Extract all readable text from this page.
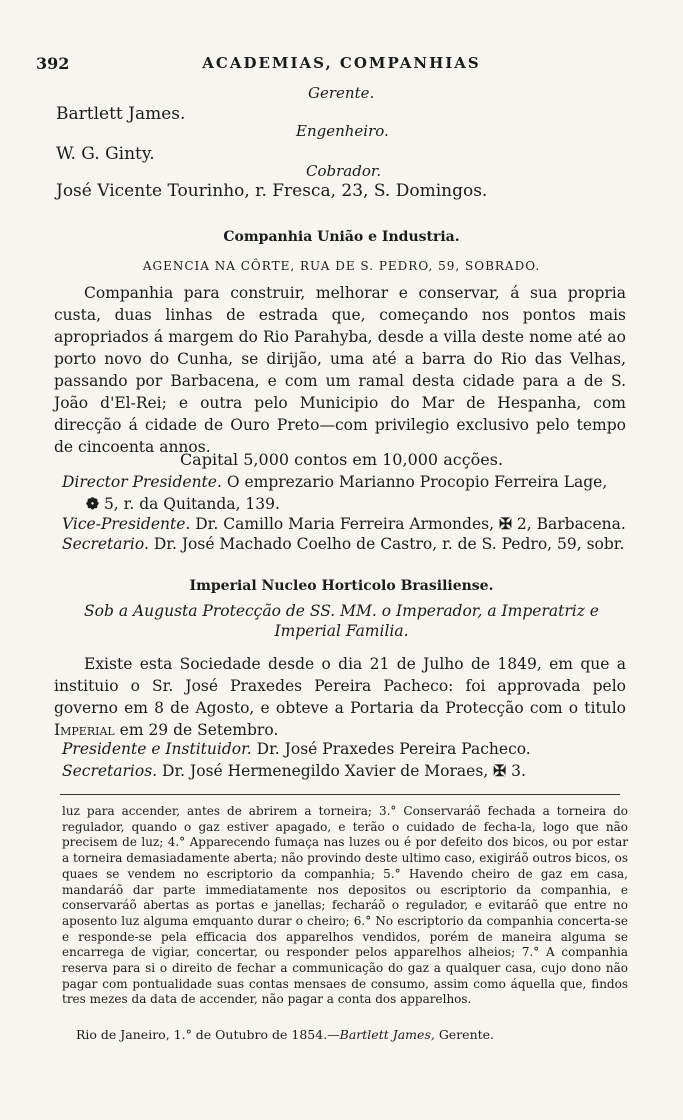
392	ACADEMIAS, COMPANHIAS
Gerente.
Bartlett James.
Engenheiro.
W. G. Ginty.
Cobrador.
José Vicente Tourinho, r. Fresca, 23, S. Domingos.
Companhia União e Industria.
AGENCIA NA CÔRTE, RUA DE S. PEDRO, 59, SOBRADO.
Companhia para construir, melhorar e conservar, á sua propria custa, duas linhas de estrada que, começando nos pontos mais apropriados á margem do Rio Parahyba, desde a villa deste nome até ao porto novo do Cunha, se dirijão, uma até a barra do Rio das Velhas, passando por Barbacena, e com um ramal desta cidade para a de S. João d'El-Rei; e outra pelo Municipio do Mar de Hespanha, com direcção á cidade de Ouro Preto—com privilegio exclusivo pelo tempo de cincoenta annos.
Capital 5,000 contos em 10,000 acções.
Director Presidente. O emprezario Marianno Procopio Ferreira Lage,
❁ 5, r. da Quitanda, 139.
Vice-Presidente. Dr. Camillo Maria Ferreira Armondes, ✠ 2, Barbacena.
Secretario. Dr. José Machado Coelho de Castro, r. de S. Pedro, 59, sobr.
Imperial Nucleo Horticolo Brasiliense.
Sob a Augusta Protecção de SS. MM. o Imperador, a Imperatriz e
Imperial Familia.
Existe esta Sociedade desde o dia 21 de Julho de 1849, em que a instituio o Sr. José Praxedes Pereira Pacheco: foi approvada pelo governo em 8 de Agosto, e obteve a Portaria da Protecção com o titulo Imperial em 29 de Setembro.
Presidente e Instituidor. Dr. José Praxedes Pereira Pacheco.
Secretarios. Dr. José Hermenegildo Xavier de Moraes, ✠ 3.
luz para accender, antes de abrirem a torneira; 3.° Conservaráõ fechada a torneira do regulador, quando o gaz estiver apagado, e terão o cuidado de fecha-la, logo que não precisem de luz; 4.° Apparecendo fumaça nas luzes ou é por defeito dos bicos, ou por estar a torneira demasiadamente aberta; não provindo deste ultimo caso, exigiráõ outros bicos, os quaes se vendem no escriptorio da companhia; 5.° Havendo cheiro de gaz em casa, mandaráõ dar parte immediatamente nos depositos ou escriptorio da companhia, e conservaráõ abertas as portas e janellas; fecharáõ o regulador, e evitaráõ que entre no aposento luz alguma emquanto durar o cheiro; 6.° No escriptorio da companhia concerta-se e responde-se pela efficacia dos apparelhos vendidos, porém de maneira alguma se encarrega de vigiar, concertar, ou responder pelos apparelhos alheios; 7.° A companhia reserva para si o direito de fechar a communicação do gaz a qualquer casa, cujo dono não pagar com pontualidade suas contas mensaes de consumo, assim como áquella que, findos tres mezes da data de accender, não pagar a conta dos apparelhos.
Rio de Janeiro, 1.° de Outubro de 1854.—Bartlett James, Gerente.
